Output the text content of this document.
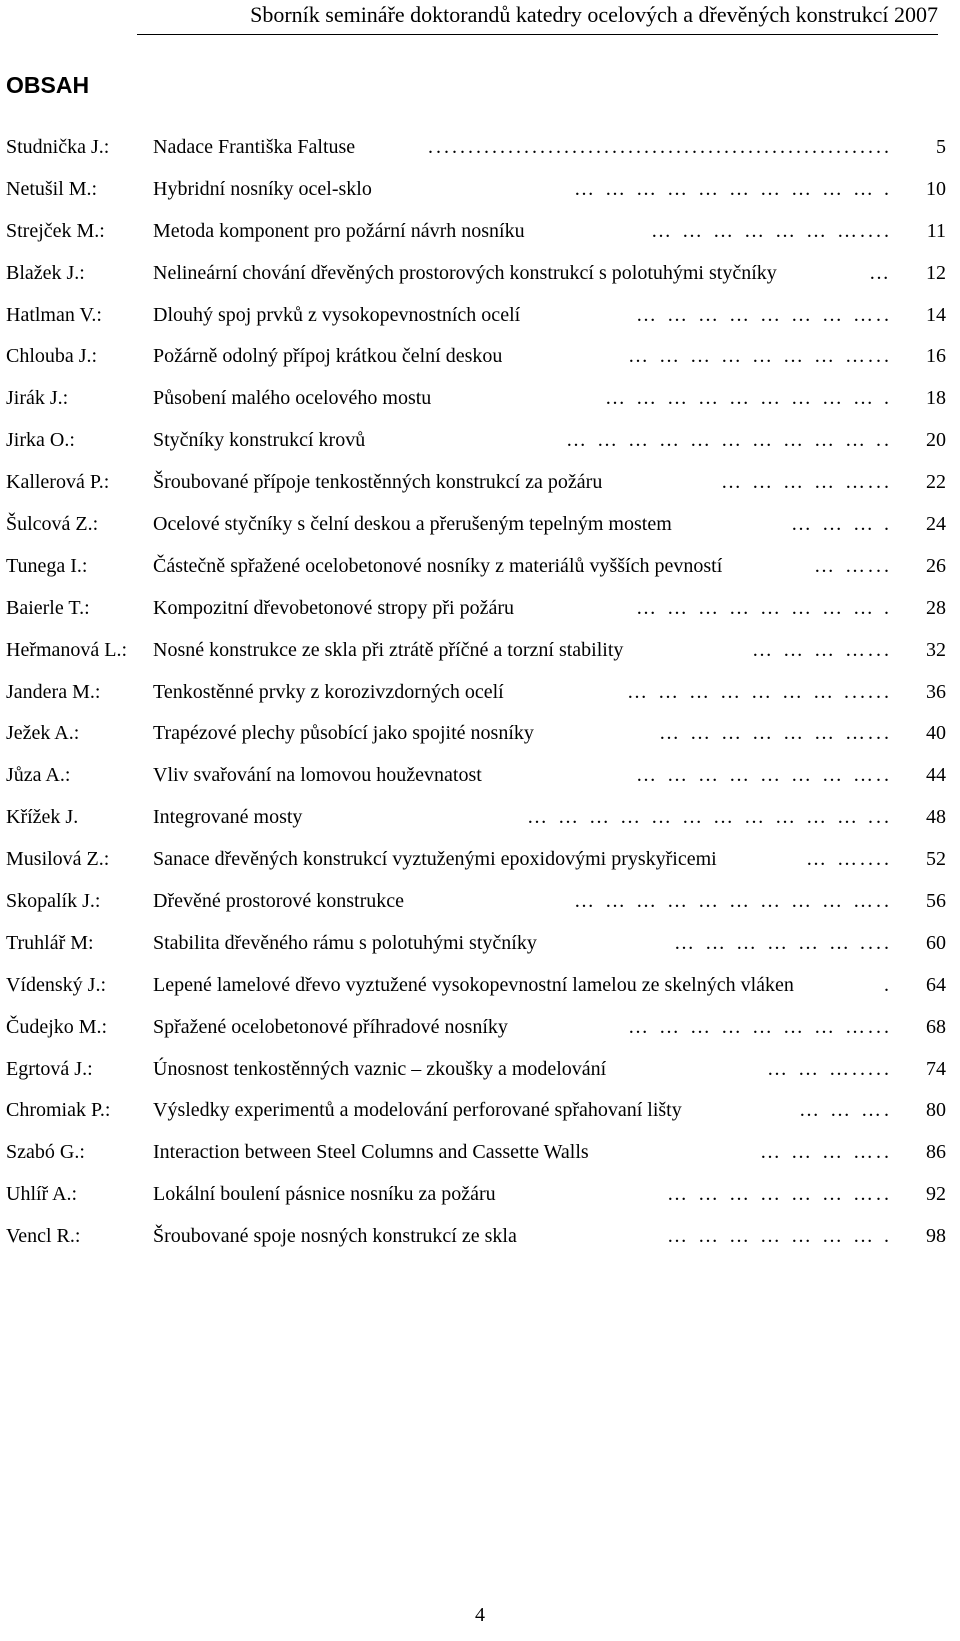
Sborník semináře doktorandů katedry ocelových a dřevěných konstrukcí 2007
OBSAH
Studnička J.: Nadace Františka Faltuse	.......................................................... 5
Netušil M.:	Hybridní nosníky ocel-sklo	… … … … … … … … … … . 10
Strejček M.: Metoda komponent pro požární návrh nosníku	… … … … … … ….... 11
Blažek J.:	Nelineární chování dřevěných prostorových konstrukcí s polotuhými styčníky	… 12
Hatlman V.:	Dlouhý spoj prvků z vysokopevnostních ocelí	… … … … … … … ….. 14
Chlouba J.:	Požárně odolný přípoj krátkou čelní deskou	… … … … … … … …... 16
Jirák J.:	Působení malého ocelového mostu	… … … … … … … … … . 18
Jirka O.:	Styčníky konstrukcí krovů	… … … … … … … … … … .. 20
Kallerová P.: Šroubované přípoje tenkostěnných konstrukcí za požáru	… … … … …... 22
Šulcová Z.:	Ocelové styčníky s čelní deskou a přerušeným tepelným mostem	… … … . 24
Tunega I.:	Částečně spřažené ocelobetonové nosníky z materiálů vyšších pevností	… …... 26
Baierle T.:	Kompozitní dřevobetonové stropy při požáru	… … … … … … … … . 28
Heřmanová L.: Nosné konstrukce ze skla při ztrátě příčné a torzní stability	… … … …... 32
Jandera M.:	Tenkostěnné prvky z korozivzdorných ocelí	… … … … … … … ...... 36
Ježek A.:	Trapézové plechy působící jako spojité nosníky	… … … … … … …... 40
Jůza A.:	Vliv svařování na lomovou houževnatost	… … … … … … … ….. 44
Křížek J.	Integrované mosty	… … … … … … … … … … … ... 48
Musilová Z.: Sanace dřevěných konstrukcí vyztuženými epoxidovými pryskyřicemi	… ….... 52
Skopalík J.:	Dřevěné prostorové konstrukce	… … … … … … … … … ….. 56
Truhlář M:	Stabilita dřevěného rámu s polotuhými styčníky	… … … … … … .... 60
Vídenský J.: Lepené lamelové dřevo vyztužené vysokopevnostní lamelou ze skelných vláken	. 64
Čudejko M.: Spřažené ocelobetonové příhradové nosníky	… … … … … … … …... 68
Egrtová J.:	Únosnost tenkostěnných vaznic – zkoušky a modelování	… … …..... 74
Chromiak P.: Výsledky experimentů a modelování perforované spřahovaní lišty	… … …. 80
Szabó G.:	Interaction between Steel Columns and Cassette Walls	… … … ….. 86
Uhlíř A.:	Lokální boulení pásnice nosníku za požáru	… … … … … … ….. 92
Vencl R.:	Šroubované spoje nosných konstrukcí ze skla	… … … … … … … . 98
4
